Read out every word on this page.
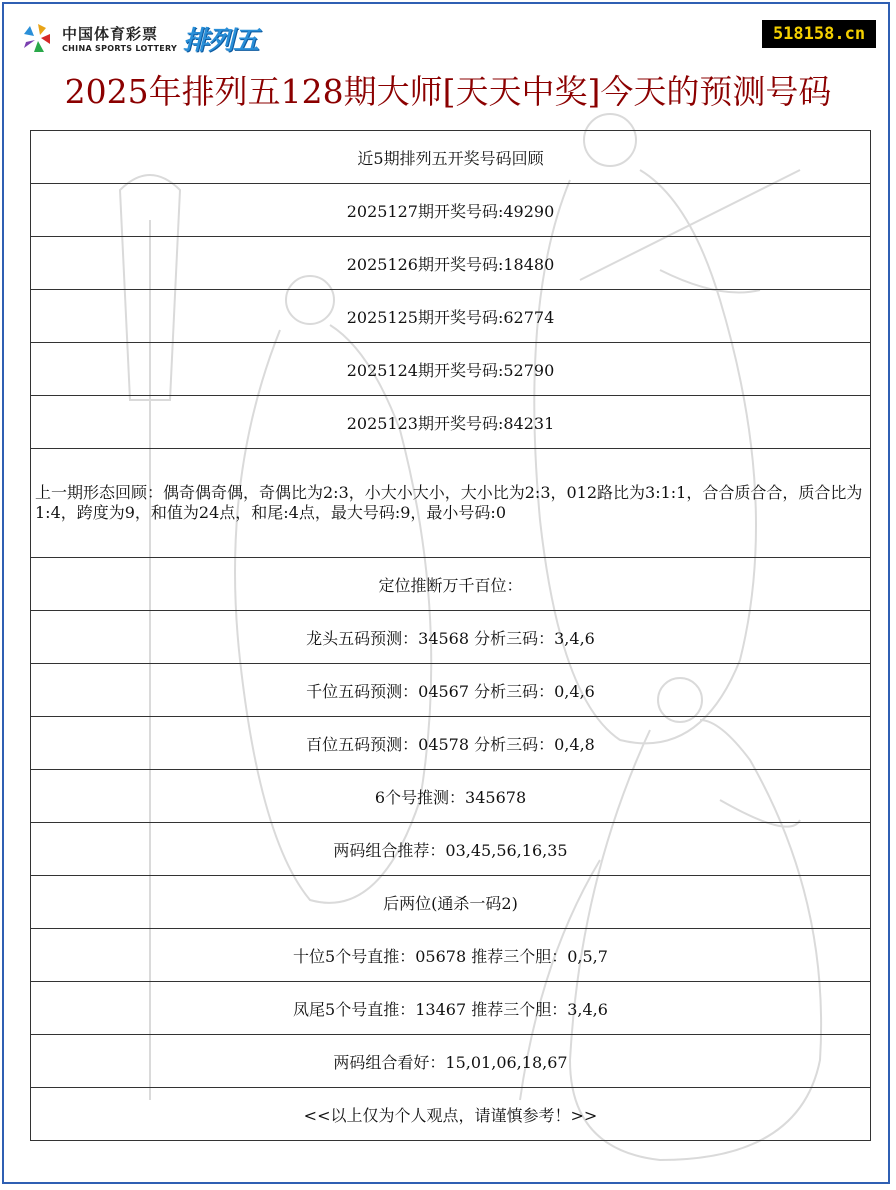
中国体育彩票
CHINA SPORTS LOTTERY 排列五	518158.cn
2025年排列五128期大师[天天中奖]今天的预测号码
近5期排列五开奖号码回顾
2025127期开奖号码:49290
2025126期开奖号码:18480
2025125期开奖号码:62774
2025124期开奖号码:52790
2025123期开奖号码:84231
上一期形态回顾：偶奇偶奇偶，奇偶比为2:3，小大小大小，大小比为2:3，012路比为3:1:1，合合质合合，质合比为1:4，跨度为9，和值为24点，和尾:4点，最大号码:9，最小号码:0
定位推断万千百位：
龙头五码预测：34568 分析三码：3,4,6
千位五码预测：04567 分析三码：0,4,6
百位五码预测：04578 分析三码：0,4,8
6个号推测：345678
两码组合推荐：03,45,56,16,35
后两位(通杀一码2)
十位5个号直推：05678 推荐三个胆：0,5,7
凤尾5个号直推：13467 推荐三个胆：3,4,6
两码组合看好：15,01,06,18,67
<<以上仅为个人观点，请谨慎参考！>>
